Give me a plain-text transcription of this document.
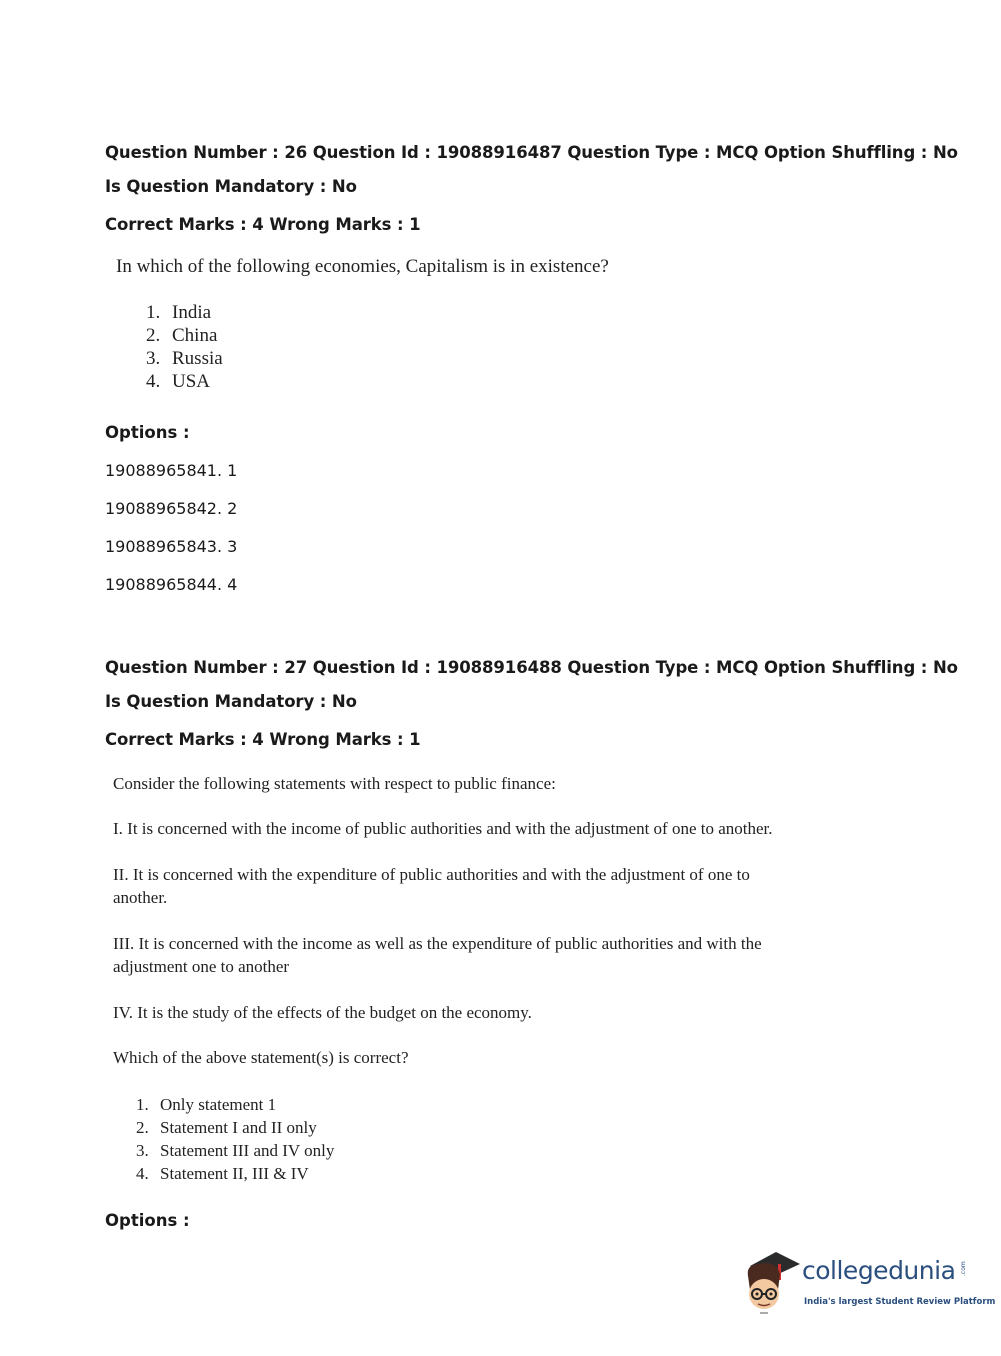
Question Number : 26 Question Id : 19088916487 Question Type : MCQ Option Shuffling : No
Is Question Mandatory : No
Correct Marks : 4 Wrong Marks : 1
In which of the following economies, Capitalism is in existence?
1. India
2. China
3. Russia
4. USA
Options :
19088965841. 1
19088965842. 2
19088965843. 3
19088965844. 4
Question Number : 27 Question Id : 19088916488 Question Type : MCQ Option Shuffling : No
Is Question Mandatory : No
Correct Marks : 4 Wrong Marks : 1
Consider the following statements with respect to public finance:
I. It is concerned with the income of public authorities and with the adjustment of one to another.
II. It is concerned with the expenditure of public authorities and with the adjustment of one to
another.
III. It is concerned with the income as well as the expenditure of public authorities and with the
adjustment one to another
IV. It is the study of the effects of the budget on the economy.
Which of the above statement(s) is correct?
1. Only statement 1
2. Statement I and II only
3. Statement III and IV only
4. Statement II, III & IV
Options :
collegedunia .com
India's largest Student Review Platform
